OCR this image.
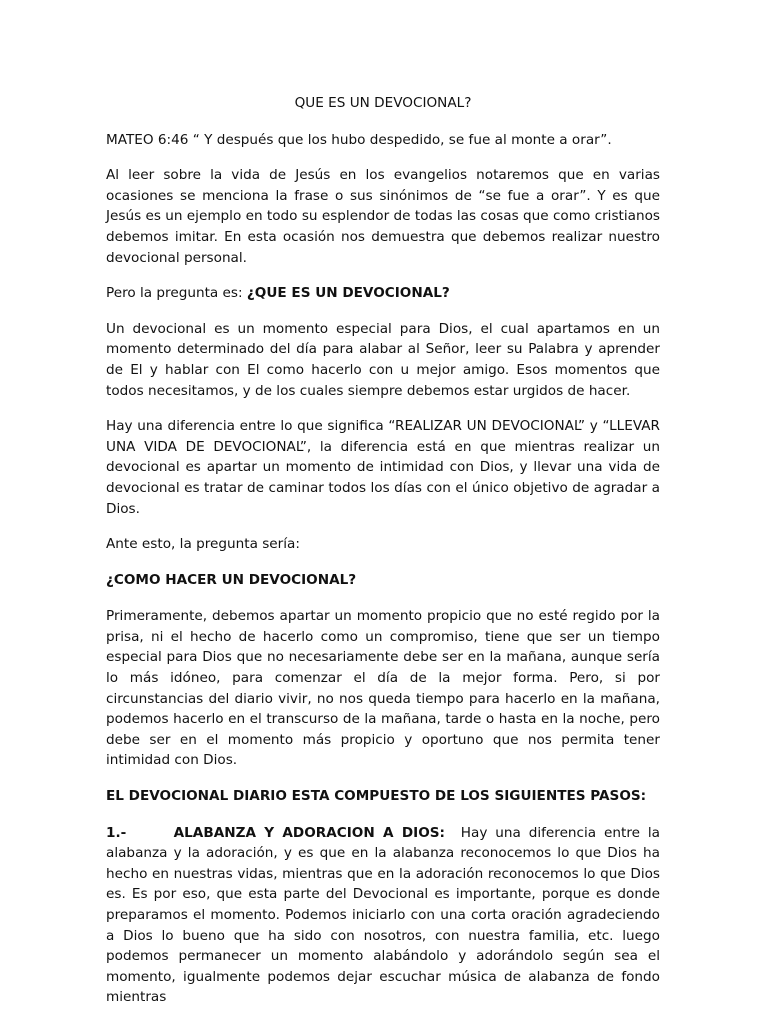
QUE ES UN DEVOCIONAL?

MATEO 6:46 “ Y después que los hubo despedido, se fue al monte a orar”.

Al leer sobre la vida de Jesús en los evangelios notaremos que en varias ocasiones se menciona la frase o sus sinónimos de “se fue a orar”. Y es que Jesús es un ejemplo en todo su esplendor de todas las cosas que como cristianos debemos imitar. En esta ocasión nos demuestra que debemos realizar nuestro devocional personal.

Pero la pregunta es: ¿QUE ES UN DEVOCIONAL?

Un devocional es un momento especial para Dios, el cual apartamos en un momento determinado del día para alabar al Señor, leer su Palabra y aprender de El y hablar con El como hacerlo con u mejor amigo. Esos momentos que todos necesitamos, y de los cuales siempre debemos estar urgidos de hacer.

Hay una diferencia entre lo que significa “REALIZAR UN DEVOCIONAL” y “LLEVAR UNA VIDA DE DEVOCIONAL”, la diferencia está en que mientras realizar un devocional es apartar un momento de intimidad con Dios, y llevar una vida de devocional es tratar de caminar todos los días con el único objetivo de agradar a Dios.

Ante esto, la pregunta sería:

¿COMO HACER UN DEVOCIONAL?

Primeramente, debemos apartar un momento propicio que no esté regido por la prisa, ni el hecho de hacerlo como un compromiso, tiene que ser un tiempo especial para Dios que no necesariamente debe ser en la mañana, aunque sería lo más idóneo, para comenzar el día de la mejor forma. Pero, si por circunstancias del diario vivir, no nos queda tiempo para hacerlo en la mañana, podemos hacerlo en el transcurso de la mañana, tarde o hasta en la noche, pero debe ser en el momento más propicio y oportuno que nos permita tener intimidad con Dios.

EL DEVOCIONAL DIARIO ESTA COMPUESTO DE LOS SIGUIENTES PASOS:

1.-	ALABANZA Y ADORACION A DIOS: Hay una diferencia entre la alabanza y la adoración, y es que en la alabanza reconocemos lo que Dios ha hecho en nuestras vidas, mientras que en la adoración reconocemos lo que Dios es. Es por eso, que esta parte del Devocional es importante, porque es donde preparamos el momento. Podemos iniciarlo con una corta oración agradeciendo a Dios lo bueno que ha sido con nosotros, con nuestra familia, etc. luego podemos permanecer un momento alabándolo y adorándolo según sea el momento, igualmente podemos dejar escuchar música de alabanza de fondo mientras
